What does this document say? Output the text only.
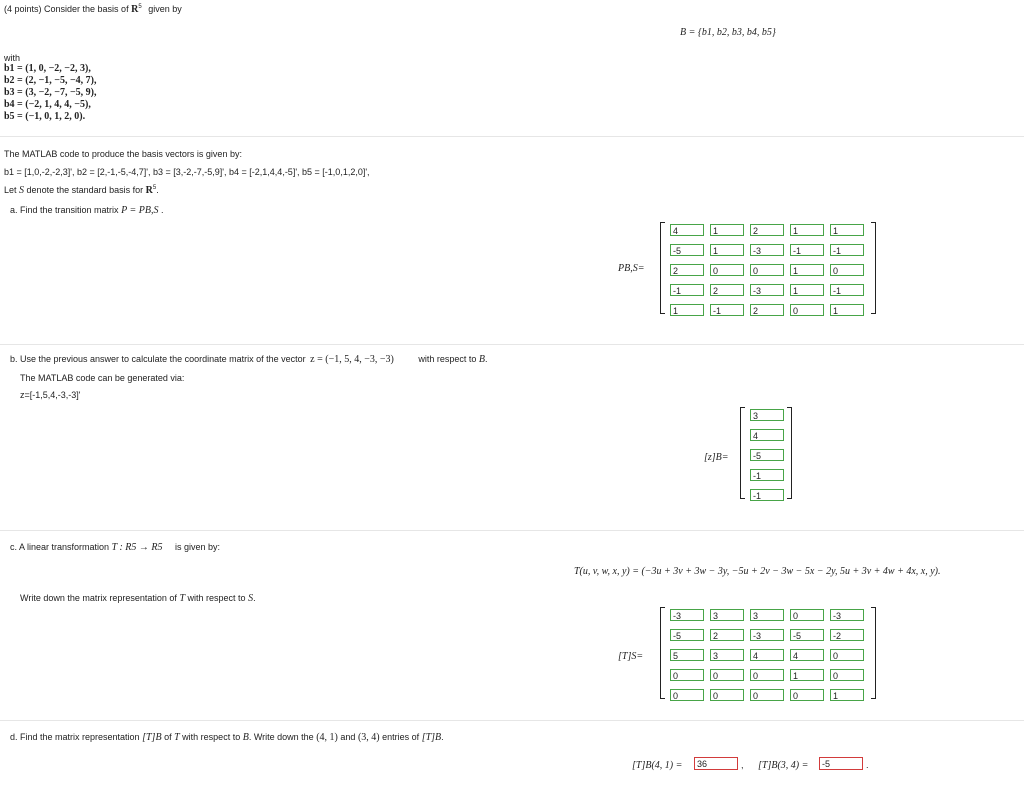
(4 points) Consider the basis of $R^5$ given by
B = {b1, b2, b3, b4, b5}
with
b1 = (1, 0, −2, −2, 3),
b2 = (2, −1, −5, −4, 7),
b3 = (3, −2, −7, −5, 9),
b4 = (−2, 1, 4, 4, −5),
b5 = (−1, 0, 1, 2, 0).
The MATLAB code to produce the basis vectors is given by:
b1 = [1,0,-2,-2,3]', b2 = [2,-1,-5,-4,7]', b3 = [3,-2,-7,-5,9]', b4 = [-2,1,4,4,-5]', b5 = [-1,0,1,2,0]',
Let S denote the standard basis for $R^5$.
a. Find the transition matrix P = PB,S .
PB,S=
4	1	2	1	1
-5	1	-3	-1	-1
2	0	0	1	0
-1	2	-3	1	-1
1	-1	2	0	1
b. Use the previous answer to calculate the coordinate matrix of the vector z = (−1, 5, 4, −3, −3)	with respect to B.
The MATLAB code can be generated via:
z=[-1,5,4,-3,-3]'
[z]B=
3
4
-5
-1
-1
c. A linear transformation T : R5 → R5 is given by:
T(u, v, w, x, y) = (−3u + 3v + 3w − 3y, −5u + 2v − 3w − 5x − 2y, 5u + 3v + 4w + 4x, x, y).
Write down the matrix representation of T with respect to S.
[T]S=
-3	3	3	0	-3
-5	2	-3	-5	-2
5	3	4	4	0
0	0	0	1	0
0	0	0	0	1
d. Find the matrix representation [T]B of T with respect to B. Write down the (4, 1) and (3, 4) entries of [T]B.
[T]B(4, 1) =	36	, [T]B(3, 4) =	-5	.
